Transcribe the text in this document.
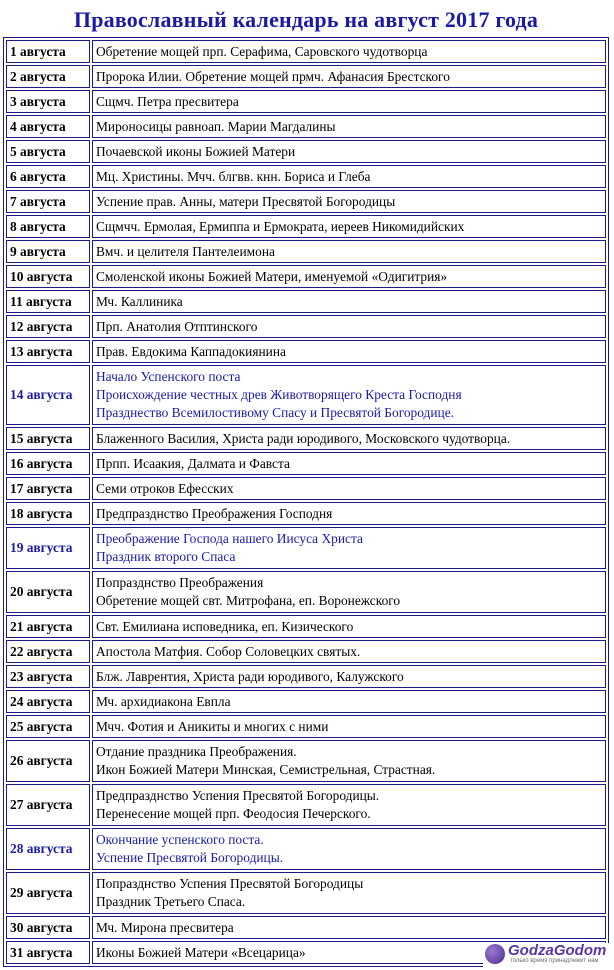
Православный календарь на август 2017 года
1 августа	Обретение мощей прп. Серафима, Саровского чудотворца

2 августа	Пророка Илии. Обретение мощей прмч. Афанасия Брестского

3 августа	Сщмч. Петра пресвитера

4 августа	Мироносицы равноап. Марии Магдалины

5 августа	Почаевской иконы Божией Матери

6 августа	Мц. Христины. Мчч. блгвв. кнн. Бориса и Глеба

7 августа	Успение прав. Анны, матери Пресвятой Богородицы

8 августа	Сщмчч. Ермолая, Ермиппа и Ермократа, иереев Никомидийских

9 августа	Вмч. и целителя Пантелеимона

10 августа	Смоленской иконы Божией Матери, именуемой «Одигитрия»

11 августа	Мч. Каллиника

12 августа	Прп. Анатолия Отптинского

13 августа	Прав. Евдокима Каппадокиянина

14 августа	Начало Успенского поста
Происхождение честных древ Животворящего Креста Господня
Празднество Всемилостивому Спасу и Пресвятой Богородице.

15 августа	Блаженного Василия, Христа ради юродивого, Московского чудотворца.

16 августа	Прпп. Исаакия, Далмата и Фавста

17 августа	Семи отроков Ефесских

18 августа	Предпразднство Преображения Господня

19 августа	Преображение Господа нашего Иисуса Христа
Праздник второго Спаса

20 августа	Попразднство Преображения
Обретение мощей свт. Митрофана, еп. Воронежского

21 августа	Свт. Емилиана исповедника, еп. Кизического

22 августа	Апостола Матфия. Собор Соловецких святых.

23 августа	Блж. Лаврентия, Христа ради юродивого, Калужского

24 августа	Мч. архидиакона Евпла

25 августа	Мчч. Фотия и Аникиты и многих с ними

26 августа	Отдание праздника Преображения.
Икон Божией Матери Минская, Семистрельная, Страстная.

27 августа	Предпразднство Успения Пресвятой Богородицы.
Перенесение мощей прп. Феодосия Печерского.

28 августа	Окончание успенского поста.
Успение Пресвятой Богородицы.

29 августа	Попразднство Успения Пресвятой Богородицы
Праздник Третьего Спаса.

30 августа	Мч. Мирона пресвитера

31 августа	Иконы Божией Матери «Всецарица»	GodzaGodom
только время принадлежит нам
